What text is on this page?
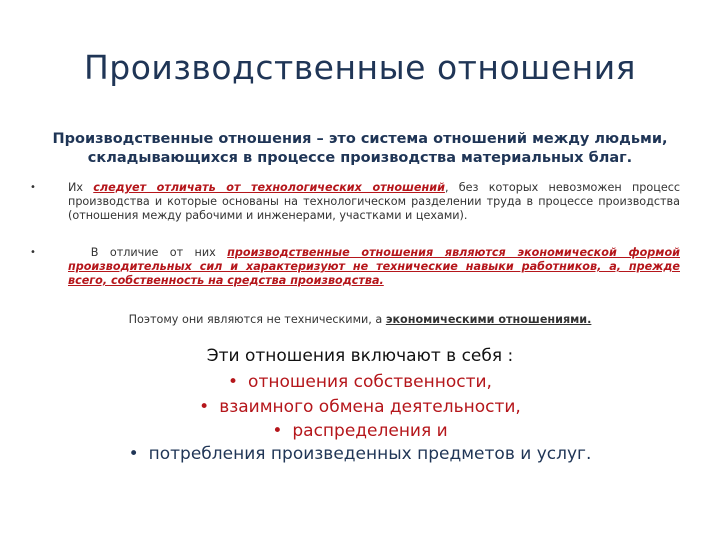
Производственные отношения
Производственные отношения – это система отношений между людьми,
складывающихся в процессе производства материальных благ.
•	Их следует отличать от технологических отношений, без которых невозможен процесс производства и которые основаны на технологическом разделении труда в процессе производства (отношения между рабочими и инженерами, участками и цехами).
•	В отличие от них производственные отношения являются экономической формой производительных сил и характеризуют не технические навыки работников, а, прежде всего, собственность на средства производства.
Поэтому они являются не техническими, а экономическими отношениями.
Эти отношения включают в себя :
• отношения собственности,
• взаимного обмена деятельности,
• распределения и
• потребления произведенных предметов и услуг.
